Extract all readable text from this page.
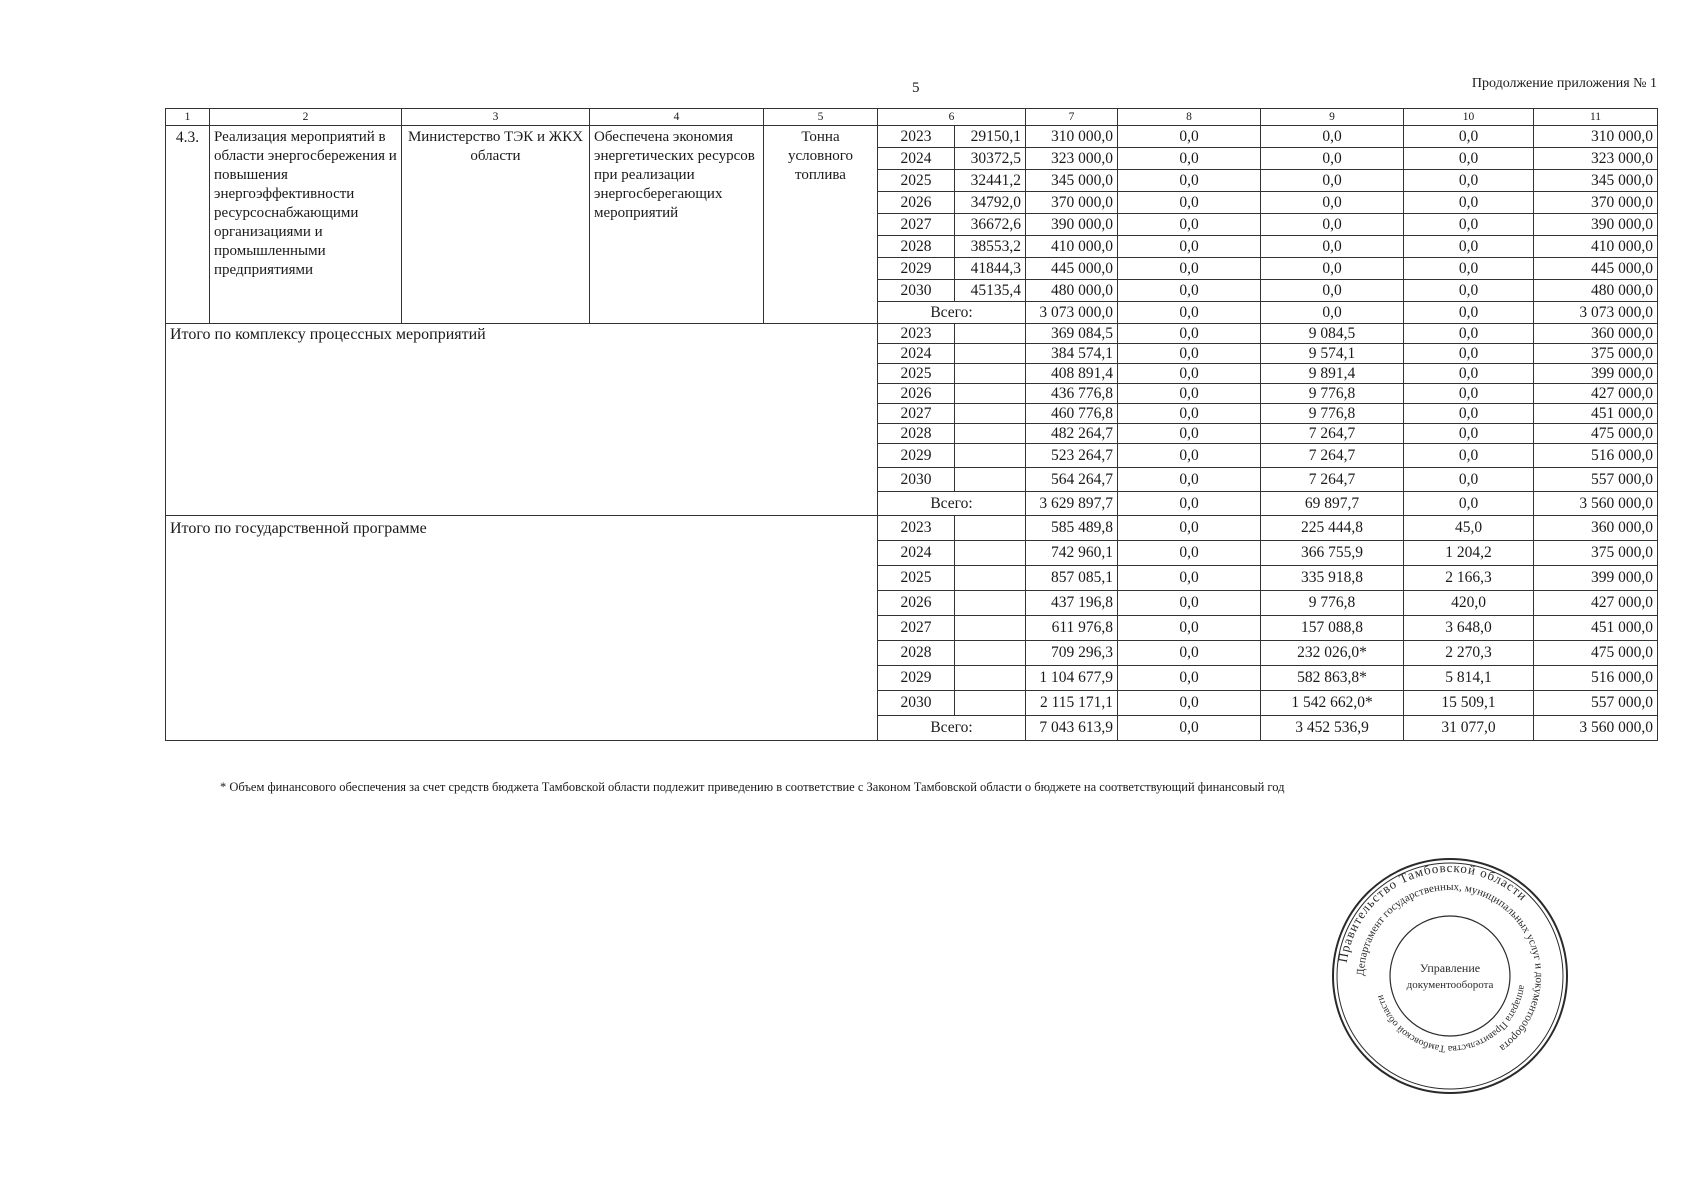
5	Продолжение приложения № 1
1	2	3	4	5	6		7	8	9	10	11
4.3.	Реализация мероприятий в области энергосбережения и повышения энергоэффективности ресурсоснабжающими организациями и промышленными предприятиями	Министерство ТЭК и ЖКХ области	Обеспечена экономия энергетических ресурсов при реализации энергосберегающих мероприятий	Тонна условного топлива	2023	29150,1	310 000,0	0,0	0,0	0,0	310 000,0
					2024	30372,5	323 000,0	0,0	0,0	0,0	323 000,0
					2025	32441,2	345 000,0	0,0	0,0	0,0	345 000,0
					2026	34792,0	370 000,0	0,0	0,0	0,0	370 000,0
					2027	36672,6	390 000,0	0,0	0,0	0,0	390 000,0
					2028	38553,2	410 000,0	0,0	0,0	0,0	410 000,0
					2029	41844,3	445 000,0	0,0	0,0	0,0	445 000,0
					2030	45135,4	480 000,0	0,0	0,0	0,0	480 000,0
					Всего:		3 073 000,0	0,0	0,0	0,0	3 073 000,0
Итого по комплексу процессных мероприятий					2023		369 084,5	0,0	9 084,5	0,0	360 000,0
					2024		384 574,1	0,0	9 574,1	0,0	375 000,0
					2025		408 891,4	0,0	9 891,4	0,0	399 000,0
					2026		436 776,8	0,0	9 776,8	0,0	427 000,0
					2027		460 776,8	0,0	9 776,8	0,0	451 000,0
					2028		482 264,7	0,0	7 264,7	0,0	475 000,0
					2029		523 264,7	0,0	7 264,7	0,0	516 000,0
					2030		564 264,7	0,0	7 264,7	0,0	557 000,0
					Всего:		3 629 897,7	0,0	69 897,7	0,0	3 560 000,0
Итого по государственной программе					2023		585 489,8	0,0	225 444,8	45,0	360 000,0
					2024		742 960,1	0,0	366 755,9	1 204,2	375 000,0
					2025		857 085,1	0,0	335 918,8	2 166,3	399 000,0
					2026		437 196,8	0,0	9 776,8	420,0	427 000,0
					2027		611 976,8	0,0	157 088,8	3 648,0	451 000,0
					2028		709 296,3	0,0	232 026,0*	2 270,3	475 000,0
					2029		1 104 677,9	0,0	582 863,8*	5 814,1	516 000,0
					2030		2 115 171,1	0,0	1 542 662,0*	15 509,1	557 000,0
					Всего:		7 043 613,9	0,0	3 452 536,9	31 077,0	3 560 000,0
* Объем финансового обеспечения за счет средств бюджета Тамбовской области подлежит приведению в соответствие с Законом Тамбовской области о бюджете на соответствующий финансовый год
Правительство Тамбовской области
Департамент государственных, муниципальных услуг и документооборота
аппарата Правительства Тамбовской области
Управление
документооборота
